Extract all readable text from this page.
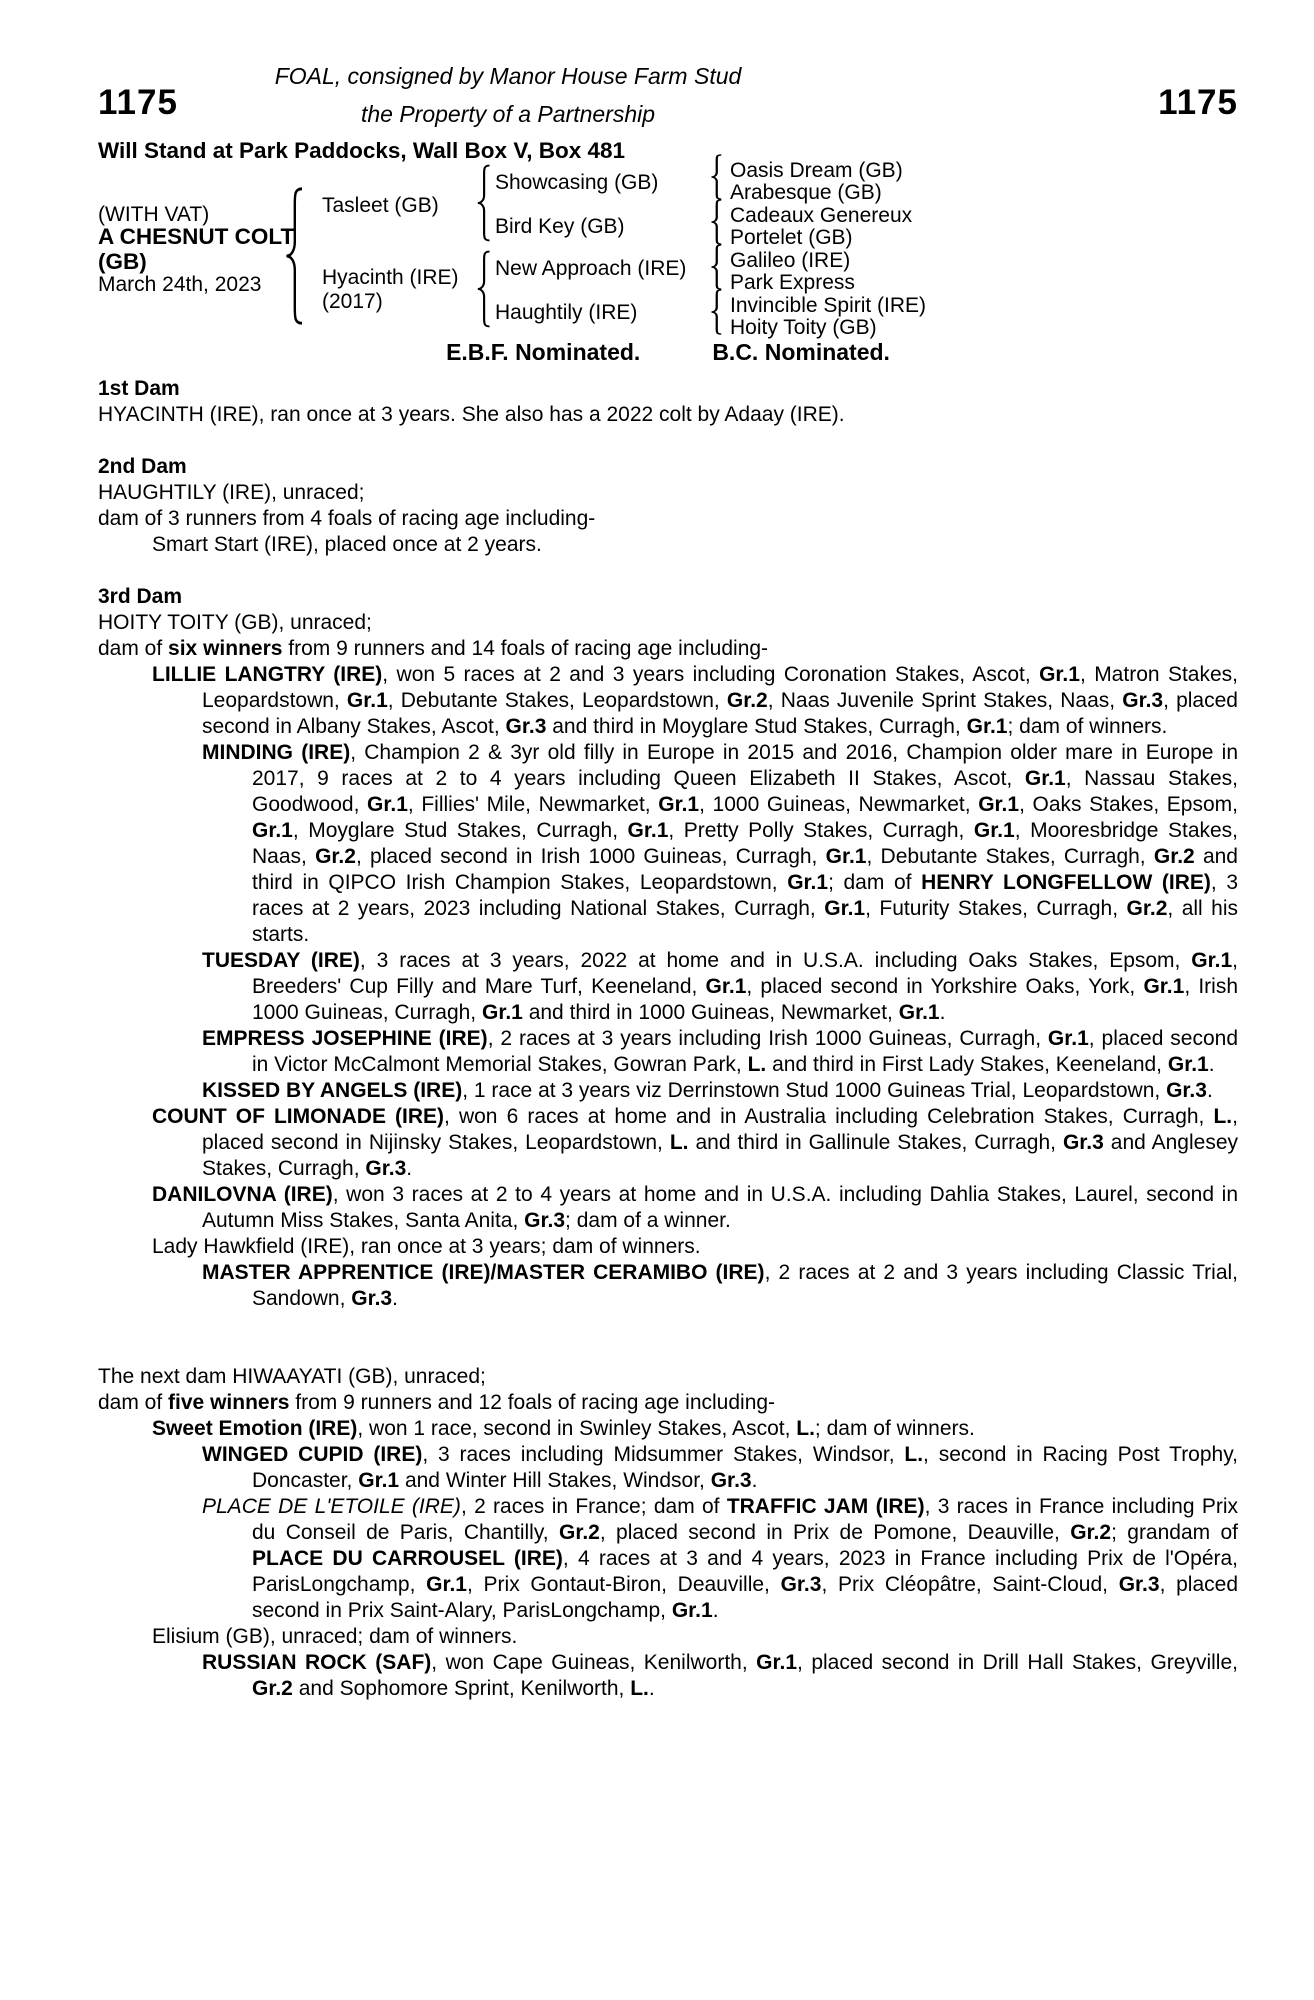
FOAL, consigned by Manor House Farm Stud
1175	1175
the Property of a Partnership
Will Stand at Park Paddocks, Wall Box V, Box 481
(WITH VAT)
A CHESNUT COLT
(GB)
March 24th, 2023
Tasleet (GB)
Hyacinth (IRE)
(2017)
Showcasing (GB)
Bird Key (GB)
New Approach (IRE)
Haughtily (IRE)
Oasis Dream (GB)
Arabesque (GB)
Cadeaux Genereux
Portelet (GB)
Galileo (IRE)
Park Express
Invincible Spirit (IRE)
Hoity Toity (GB)
E.B.F. Nominated.	B.C. Nominated.
1st Dam

HYACINTH (IRE), ran once at 3 years. She also has a 2022 colt by Adaay (IRE).

2nd Dam

HAUGHTILY (IRE), unraced;

dam of 3 runners from 4 foals of racing age including-

Smart Start (IRE), placed once at 2 years.

3rd Dam

HOITY TOITY (GB), unraced;

dam of six winners from 9 runners and 14 foals of racing age including-

LILLIE LANGTRY (IRE), won 5 races at 2 and 3 years including Coronation Stakes, Ascot, Gr.1, Matron Stakes, Leopardstown, Gr.1, Debutante Stakes, Leopardstown, Gr.2, Naas Juvenile Sprint Stakes, Naas, Gr.3, placed second in Albany Stakes, Ascot, Gr.3 and third in Moyglare Stud Stakes, Curragh, Gr.1; dam of winners.

MINDING (IRE), Champion 2 & 3yr old filly in Europe in 2015 and 2016, Champion older mare in Europe in 2017, 9 races at 2 to 4 years including Queen Elizabeth II Stakes, Ascot, Gr.1, Nassau Stakes, Goodwood, Gr.1, Fillies' Mile, Newmarket, Gr.1, 1000 Guineas, Newmarket, Gr.1, Oaks Stakes, Epsom, Gr.1, Moyglare Stud Stakes, Curragh, Gr.1, Pretty Polly Stakes, Curragh, Gr.1, Mooresbridge Stakes, Naas, Gr.2, placed second in Irish 1000 Guineas, Curragh, Gr.1, Debutante Stakes, Curragh, Gr.2 and third in QIPCO Irish Champion Stakes, Leopardstown, Gr.1; dam of HENRY LONGFELLOW (IRE), 3 races at 2 years, 2023 including National Stakes, Curragh, Gr.1, Futurity Stakes, Curragh, Gr.2, all his starts.

TUESDAY (IRE), 3 races at 3 years, 2022 at home and in U.S.A. including Oaks Stakes, Epsom, Gr.1, Breeders' Cup Filly and Mare Turf, Keeneland, Gr.1, placed second in Yorkshire Oaks, York, Gr.1, Irish 1000 Guineas, Curragh, Gr.1 and third in 1000 Guineas, Newmarket, Gr.1.

EMPRESS JOSEPHINE (IRE), 2 races at 3 years including Irish 1000 Guineas, Curragh, Gr.1, placed second in Victor McCalmont Memorial Stakes, Gowran Park, L. and third in First Lady Stakes, Keeneland, Gr.1.

KISSED BY ANGELS (IRE), 1 race at 3 years viz Derrinstown Stud 1000 Guineas Trial, Leopardstown, Gr.3.

COUNT OF LIMONADE (IRE), won 6 races at home and in Australia including Celebration Stakes, Curragh, L., placed second in Nijinsky Stakes, Leopardstown, L. and third in Gallinule Stakes, Curragh, Gr.3 and Anglesey Stakes, Curragh, Gr.3.

DANILOVNA (IRE), won 3 races at 2 to 4 years at home and in U.S.A. including Dahlia Stakes, Laurel, second in Autumn Miss Stakes, Santa Anita, Gr.3; dam of a winner.

Lady Hawkfield (IRE), ran once at 3 years; dam of winners.

MASTER APPRENTICE (IRE)/MASTER CERAMIBO (IRE), 2 races at 2 and 3 years including Classic Trial, Sandown, Gr.3.

The next dam HIWAAYATI (GB), unraced;

dam of five winners from 9 runners and 12 foals of racing age including-

Sweet Emotion (IRE), won 1 race, second in Swinley Stakes, Ascot, L.; dam of winners.

WINGED CUPID (IRE), 3 races including Midsummer Stakes, Windsor, L., second in Racing Post Trophy, Doncaster, Gr.1 and Winter Hill Stakes, Windsor, Gr.3.

PLACE DE L'ETOILE (IRE), 2 races in France; dam of TRAFFIC JAM (IRE), 3 races in France including Prix du Conseil de Paris, Chantilly, Gr.2, placed second in Prix de Pomone, Deauville, Gr.2; grandam of PLACE DU CARROUSEL (IRE), 4 races at 3 and 4 years, 2023 in France including Prix de l'Opéra, ParisLongchamp, Gr.1, Prix Gontaut-Biron, Deauville, Gr.3, Prix Cléopâtre, Saint-Cloud, Gr.3, placed second in Prix Saint-Alary, ParisLongchamp, Gr.1.

Elisium (GB), unraced; dam of winners.

RUSSIAN ROCK (SAF), won Cape Guineas, Kenilworth, Gr.1, placed second in Drill Hall Stakes, Greyville, Gr.2 and Sophomore Sprint, Kenilworth, L..
